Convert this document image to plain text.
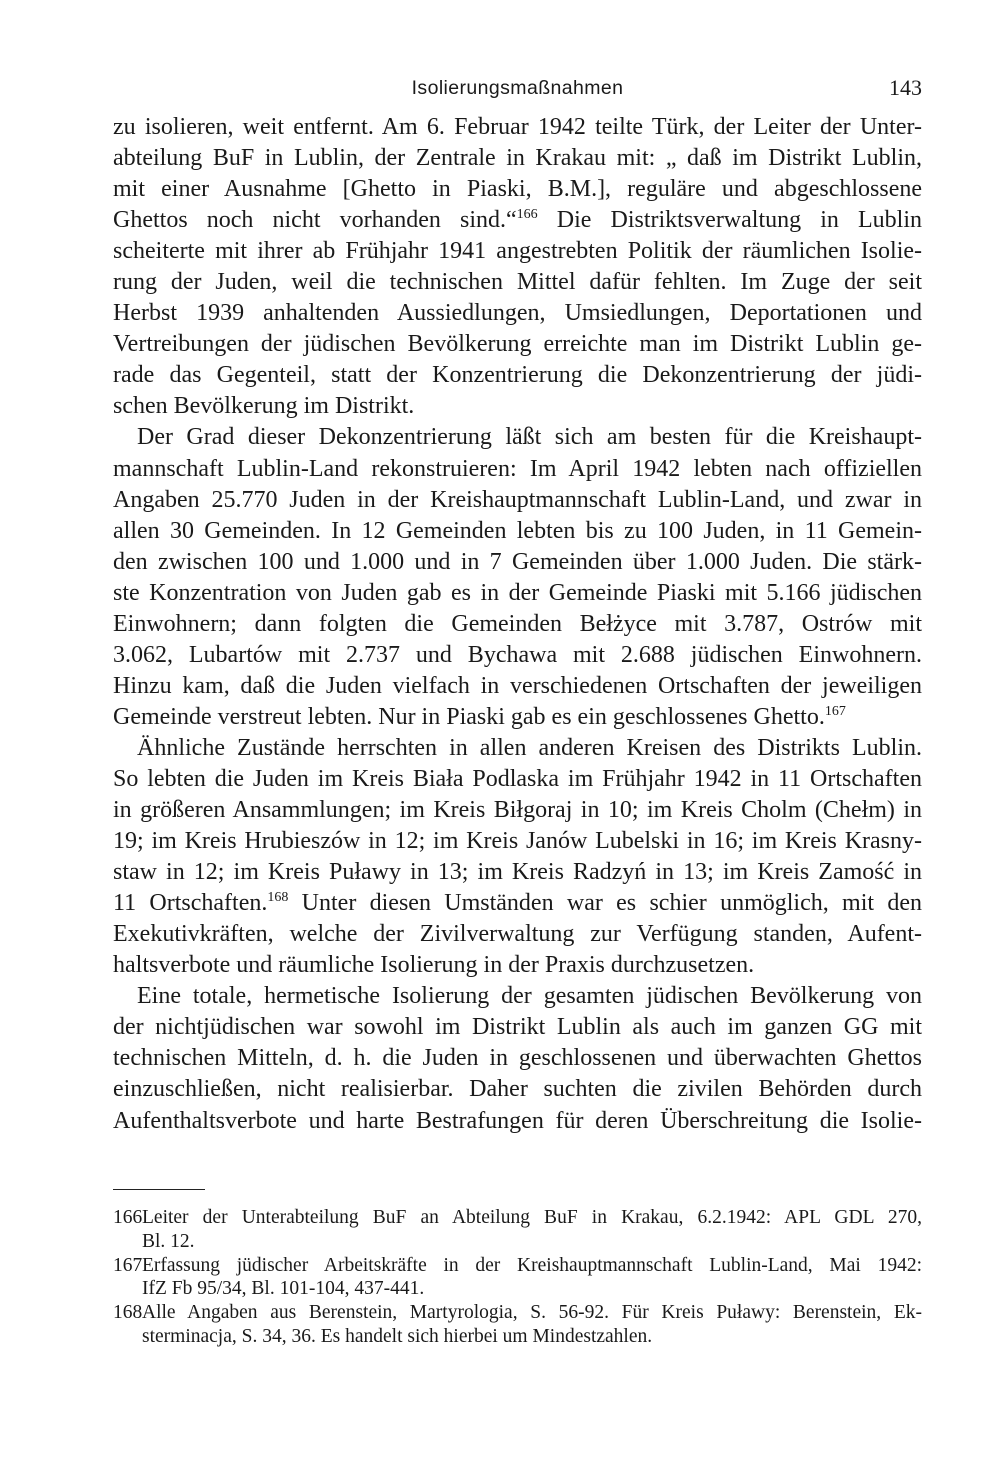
Isolierungsmaßnahmen	143
zu isolieren, weit entfernt. Am 6. Februar 1942 teilte Türk, der Leiter der Unter-
abteilung BuF in Lublin, der Zentrale in Krakau mit: „ daß im Distrikt Lublin,
mit einer Ausnahme [Ghetto in Piaski, B.M.], reguläre und abgeschlossene
Ghettos noch nicht vorhanden sind.“$^{166}$ Die Distriktsverwaltung in Lublin
scheiterte mit ihrer ab Frühjahr 1941 angestrebten Politik der räumlichen Isolie-
rung der Juden, weil die technischen Mittel dafür fehlten. Im Zuge der seit
Herbst 1939 anhaltenden Aussiedlungen, Umsiedlungen, Deportationen und
Vertreibungen der jüdischen Bevölkerung erreichte man im Distrikt Lublin ge-
rade das Gegenteil, statt der Konzentrierung die Dekonzentrierung der jüdi-
schen Bevölkerung im Distrikt.
Der Grad dieser Dekonzentrierung läßt sich am besten für die Kreishaupt-
mannschaft Lublin-Land rekonstruieren: Im April 1942 lebten nach offiziellen
Angaben 25.770 Juden in der Kreishauptmannschaft Lublin-Land, und zwar in
allen 30 Gemeinden. In 12 Gemeinden lebten bis zu 100 Juden, in 11 Gemein-
den zwischen 100 und 1.000 und in 7 Gemeinden über 1.000 Juden. Die stärk-
ste Konzentration von Juden gab es in der Gemeinde Piaski mit 5.166 jüdischen
Einwohnern; dann folgten die Gemeinden Bełżyce mit 3.787, Ostrów mit
3.062, Lubartów mit 2.737 und Bychawa mit 2.688 jüdischen Einwohnern.
Hinzu kam, daß die Juden vielfach in verschiedenen Ortschaften der jeweiligen
Gemeinde verstreut lebten. Nur in Piaski gab es ein geschlossenes Ghetto.$^{167}$
Ähnliche Zustände herrschten in allen anderen Kreisen des Distrikts Lublin.
So lebten die Juden im Kreis Biała Podlaska im Frühjahr 1942 in 11 Ortschaften
in größeren Ansammlungen; im Kreis Biłgoraj in 10; im Kreis Cholm (Chełm) in
19; im Kreis Hrubieszów in 12; im Kreis Janów Lubelski in 16; im Kreis Krasny-
staw in 12; im Kreis Puławy in 13; im Kreis Radzyń in 13; im Kreis Zamość in
11 Ortschaften.$^{168}$ Unter diesen Umständen war es schier unmöglich, mit den
Exekutivkräften, welche der Zivilverwaltung zur Verfügung standen, Aufent-
haltsverbote und räumliche Isolierung in der Praxis durchzusetzen.
Eine totale, hermetische Isolierung der gesamten jüdischen Bevölkerung von
der nichtjüdischen war sowohl im Distrikt Lublin als auch im ganzen GG mit
technischen Mitteln, d. h. die Juden in geschlossenen und überwachten Ghettos
einzuschließen, nicht realisierbar. Daher suchten die zivilen Behörden durch
Aufenthaltsverbote und harte Bestrafungen für deren Überschreitung die Isolie-
166 Leiter der Unterabteilung BuF an Abteilung BuF in Krakau, 6.2.1942: APL GDL 270,
Bl. 12.
167 Erfassung jüdischer Arbeitskräfte in der Kreishauptmannschaft Lublin-Land, Mai 1942:
IfZ Fb 95/34, Bl. 101-104, 437-441.
168 Alle Angaben aus Berenstein, Martyrologia, S. 56-92. Für Kreis Puławy: Berenstein, Ek-
sterminacja, S. 34, 36. Es handelt sich hierbei um Mindestzahlen.
